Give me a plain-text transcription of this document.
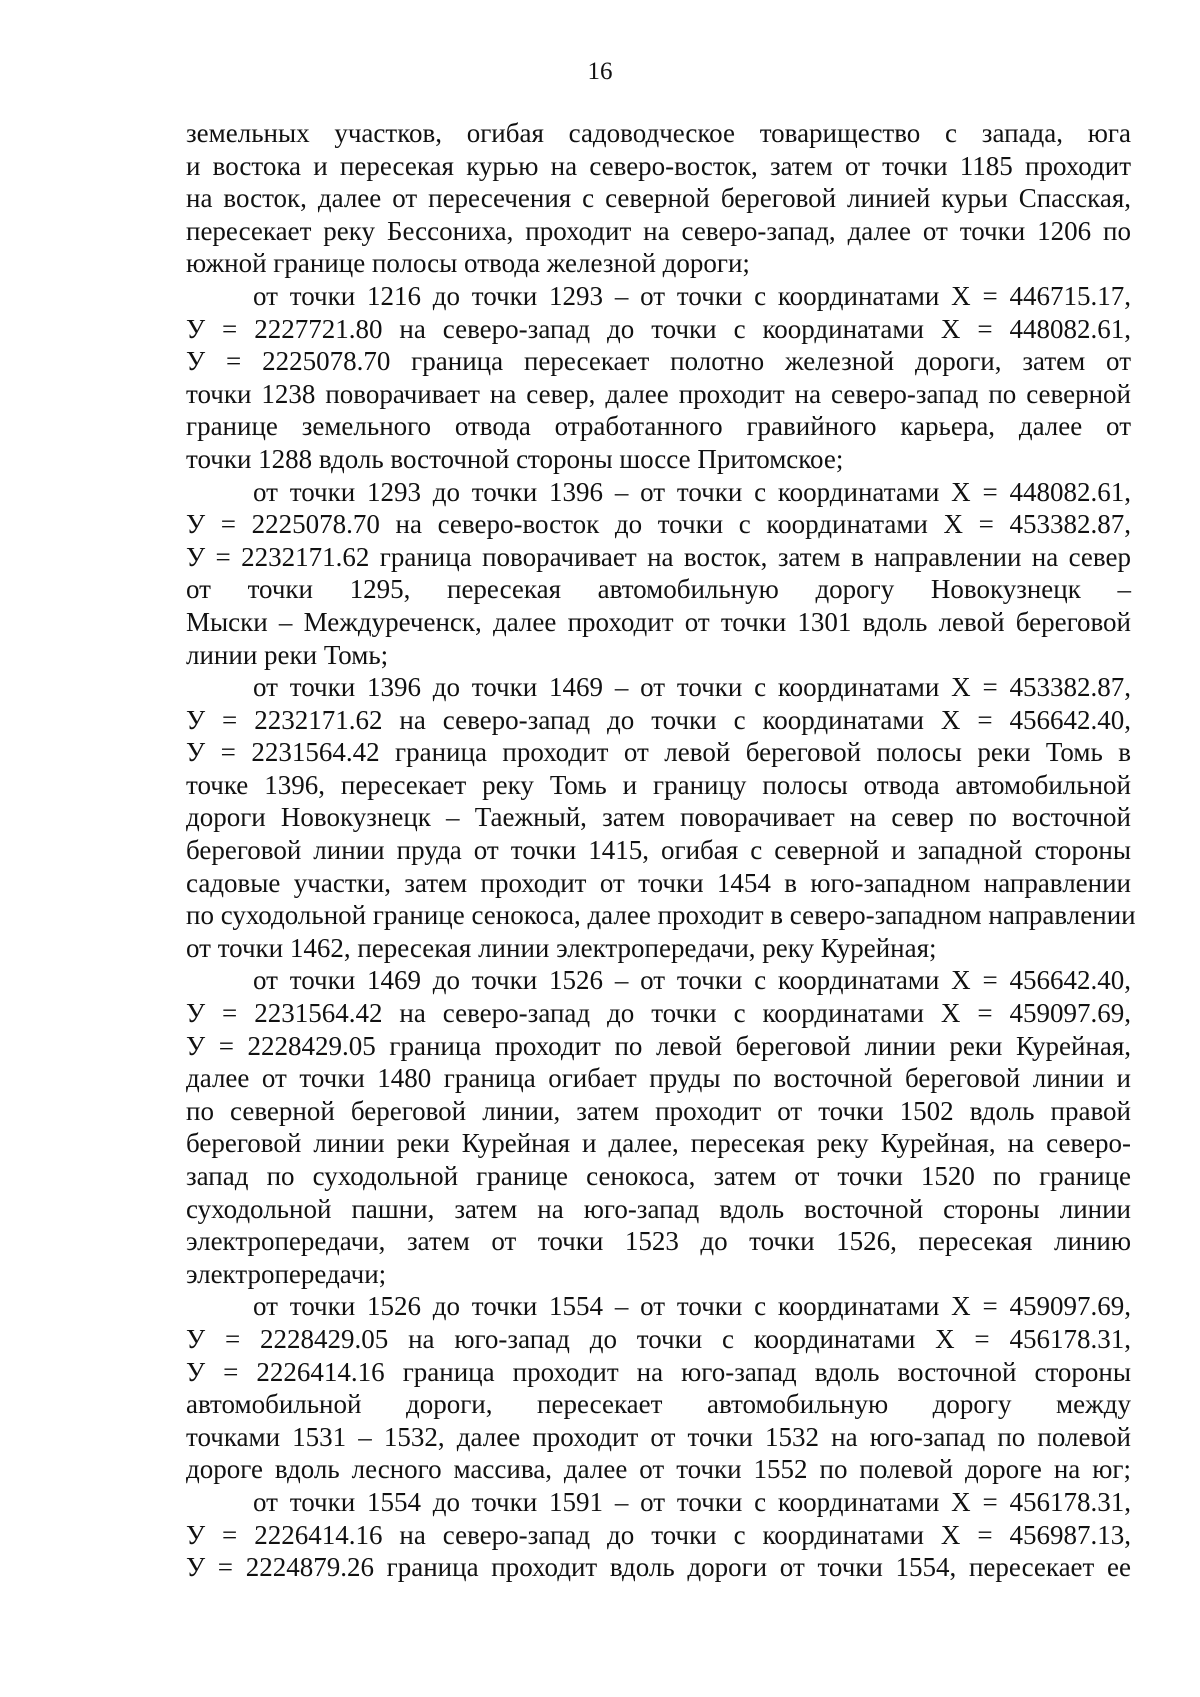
16
земельных участков, огибая садоводческое товарищество с запада, юга
и востока и пересекая курью на северо-восток, затем от точки 1185 проходит
на восток, далее от пересечения с северной береговой линией курьи Спасская,
пересекает реку Бессониха, проходит на северо-запад, далее от точки 1206 по
южной границе полосы отвода железной дороги;
от точки 1216 до точки 1293 – от точки с координатами Х = 446715.17,
У = 2227721.80 на северо-запад до точки с координатами Х = 448082.61,
У = 2225078.70 граница пересекает полотно железной дороги, затем от
точки 1238 поворачивает на север, далее проходит на северо-запад по северной
границе земельного отвода отработанного гравийного карьера, далее от
точки 1288 вдоль восточной стороны шоссе Притомское;
от точки 1293 до точки 1396 – от точки с координатами Х = 448082.61,
У = 2225078.70 на северо-восток до точки с координатами Х = 453382.87,
У = 2232171.62 граница поворачивает на восток, затем в направлении на север
от точки 1295, пересекая автомобильную дорогу Новокузнецк –
Мыски – Междуреченск, далее проходит от точки 1301 вдоль левой береговой
линии реки Томь;
от точки 1396 до точки 1469 – от точки с координатами Х = 453382.87,
У = 2232171.62 на северо-запад до точки с координатами Х = 456642.40,
У = 2231564.42 граница проходит от левой береговой полосы реки Томь в
точке 1396, пересекает реку Томь и границу полосы отвода автомобильной
дороги Новокузнецк – Таежный, затем поворачивает на север по восточной
береговой линии пруда от точки 1415, огибая с северной и западной стороны
садовые участки, затем проходит от точки 1454 в юго-западном направлении
по суходольной границе сенокоса, далее проходит в северо-западном направлении
от точки 1462, пересекая линии электропередачи, реку Курейная;
от точки 1469 до точки 1526 – от точки с координатами Х = 456642.40,
У = 2231564.42 на северо-запад до точки с координатами Х = 459097.69,
У = 2228429.05 граница проходит по левой береговой линии реки Курейная,
далее от точки 1480 граница огибает пруды по восточной береговой линии и
по северной береговой линии, затем проходит от точки 1502 вдоль правой
береговой линии реки Курейная и далее, пересекая реку Курейная, на северо-
запад по суходольной границе сенокоса, затем от точки 1520 по границе
суходольной пашни, затем на юго-запад вдоль восточной стороны линии
электропередачи, затем от точки 1523 до точки 1526, пересекая линию
электропередачи;
от точки 1526 до точки 1554 – от точки с координатами Х = 459097.69,
У = 2228429.05 на юго-запад до точки с координатами Х = 456178.31,
У = 2226414.16 граница проходит на юго-запад вдоль восточной стороны
автомобильной дороги, пересекает автомобильную дорогу между
точками 1531 – 1532, далее проходит от точки 1532 на юго-запад по полевой
дороге вдоль лесного массива, далее от точки 1552 по полевой дороге на юг;
от точки 1554 до точки 1591 – от точки с координатами Х = 456178.31,
У = 2226414.16 на северо-запад до точки с координатами Х = 456987.13,
У = 2224879.26 граница проходит вдоль дороги от точки 1554, пересекает ее
